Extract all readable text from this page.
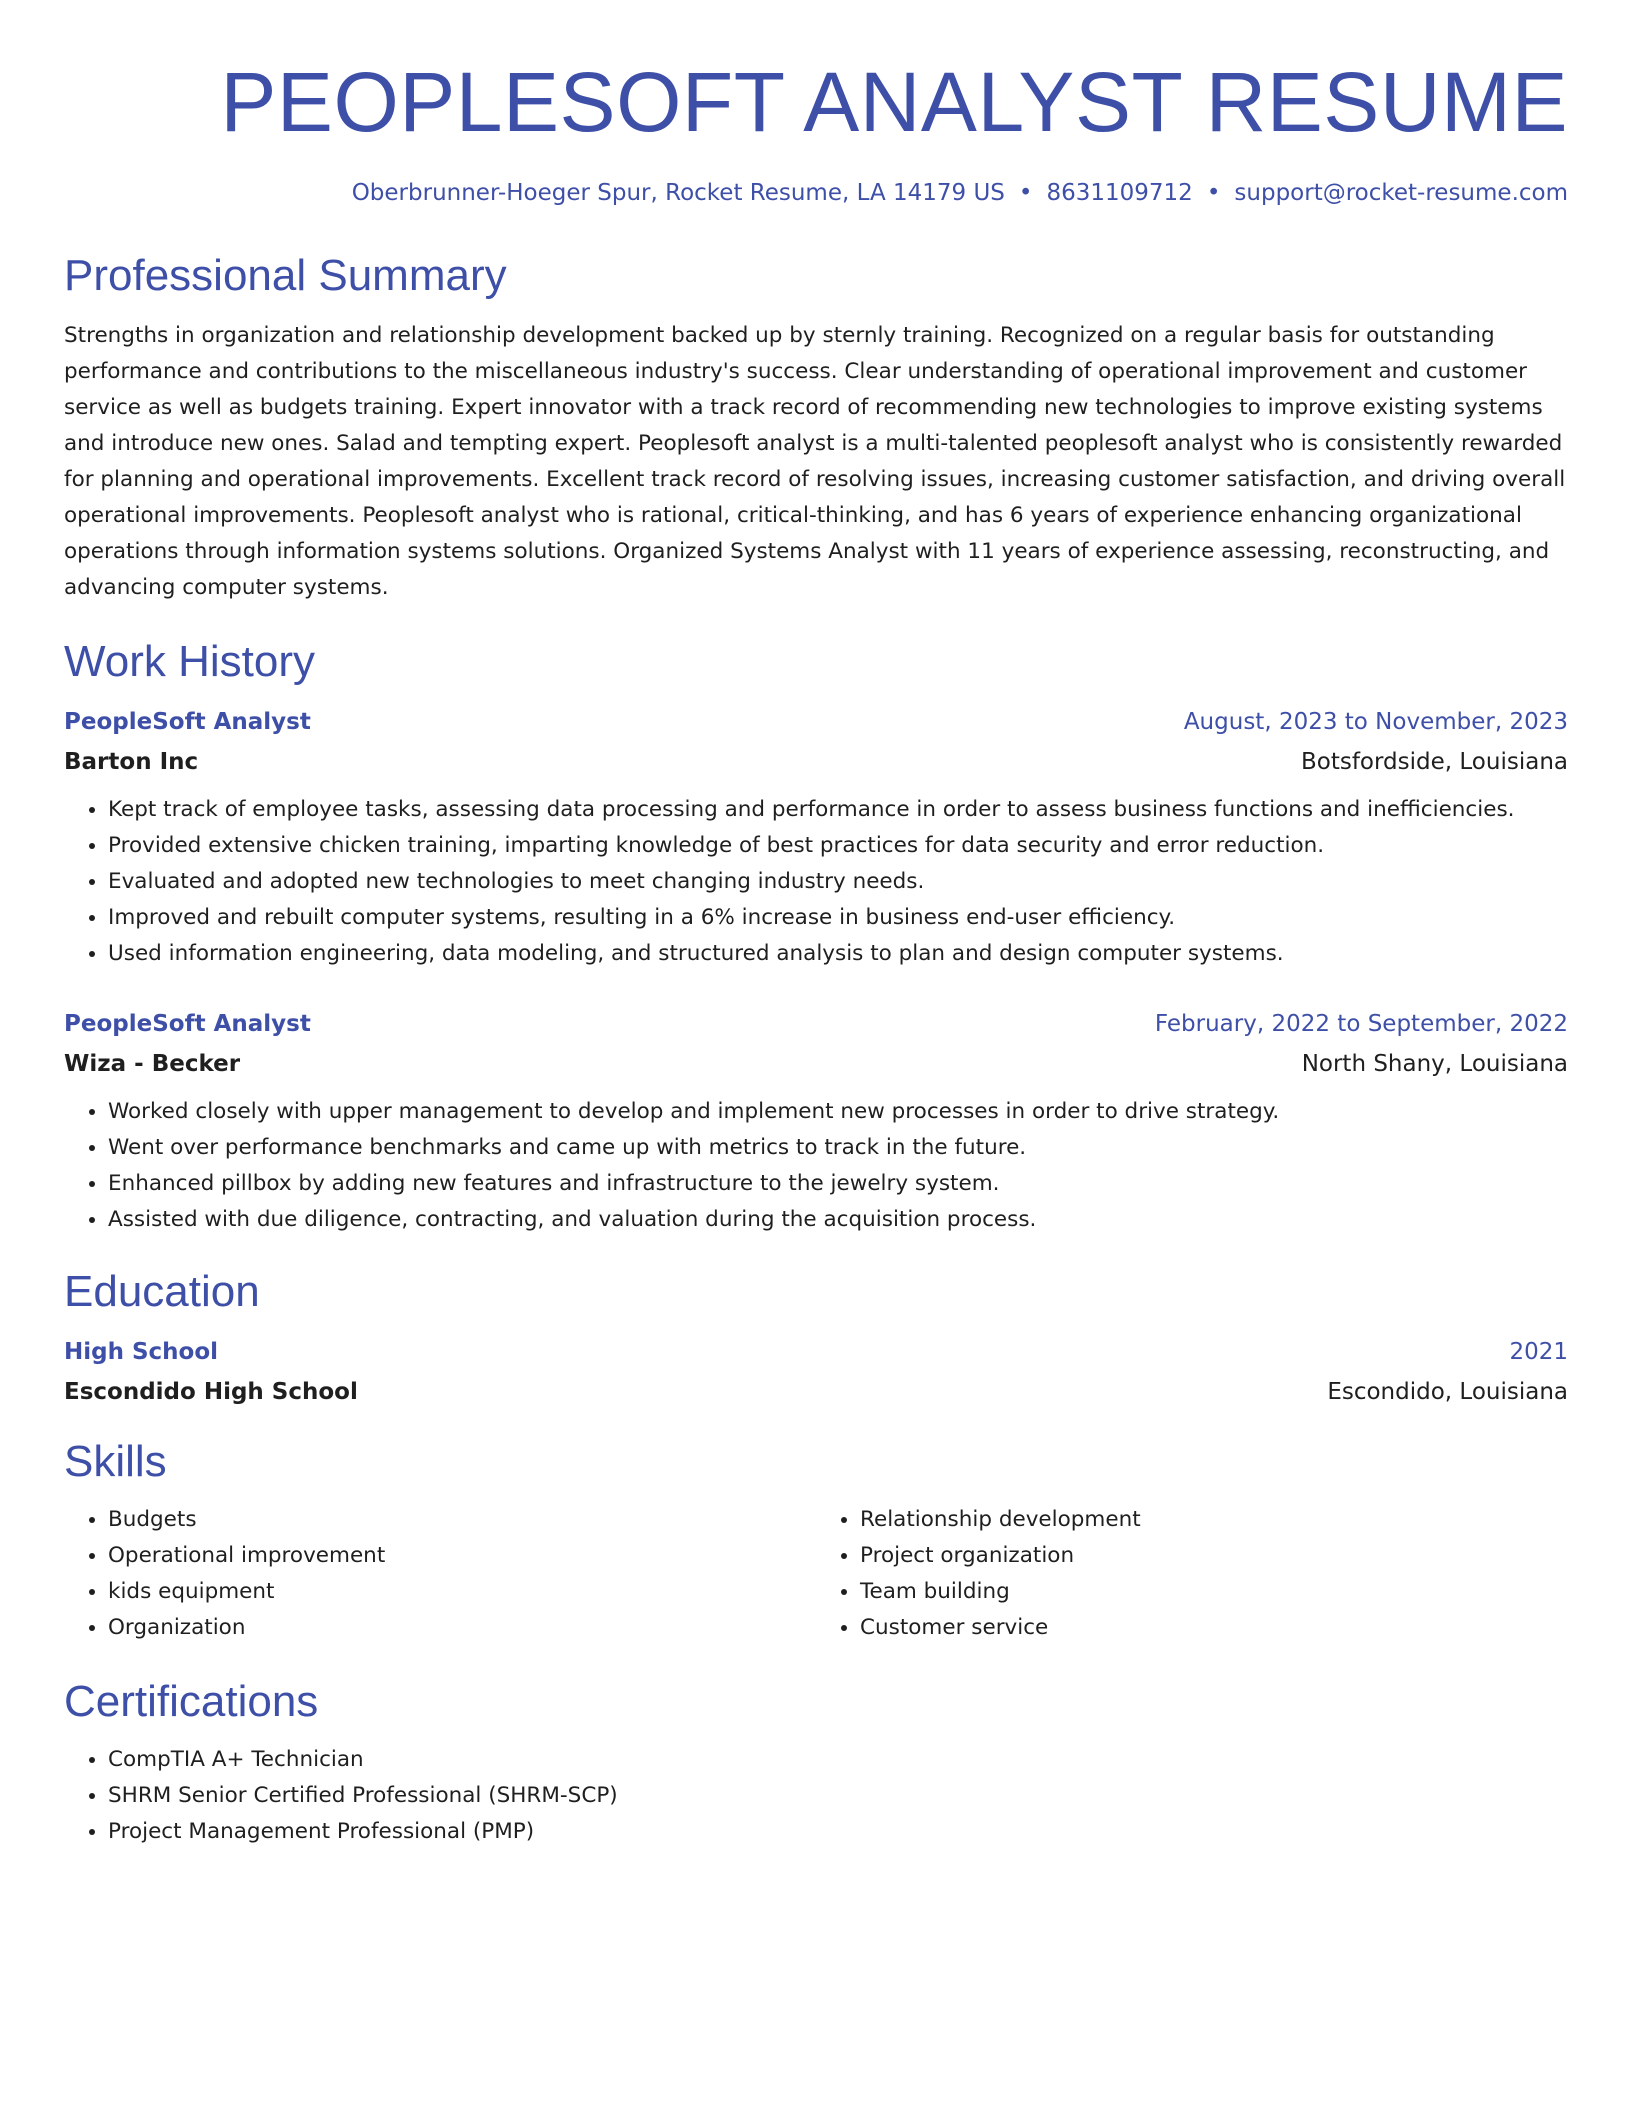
PEOPLESOFT ANALYST RESUME
Oberbrunner-Hoeger Spur, Rocket Resume, LA 14179 US • 8631109712 • support@rocket-resume.com
Professional Summary
Strengths in organization and relationship development backed up by sternly training. Recognized on a regular basis for outstanding performance and contributions to the miscellaneous industry's success. Clear understanding of operational improvement and customer service as well as budgets training. Expert innovator with a track record of recommending new technologies to improve existing systems and introduce new ones. Salad and tempting expert. Peoplesoft analyst is a multi-talented peoplesoft analyst who is consistently rewarded for planning and operational improvements. Excellent track record of resolving issues, increasing customer satisfaction, and driving overall operational improvements. Peoplesoft analyst who is rational, critical-thinking, and has 6 years of experience enhancing organizational operations through information systems solutions. Organized Systems Analyst with 11 years of experience assessing, reconstructing, and advancing computer systems.
Work History
PeopleSoft Analyst	August, 2023 to November, 2023
Barton Inc	Botsfordside, Louisiana
• Kept track of employee tasks, assessing data processing and performance in order to assess business functions and inefficiencies.
• Provided extensive chicken training, imparting knowledge of best practices for data security and error reduction.
• Evaluated and adopted new technologies to meet changing industry needs.
• Improved and rebuilt computer systems, resulting in a 6% increase in business end-user efficiency.
• Used information engineering, data modeling, and structured analysis to plan and design computer systems.
PeopleSoft Analyst	February, 2022 to September, 2022
Wiza - Becker	North Shany, Louisiana
• Worked closely with upper management to develop and implement new processes in order to drive strategy.
• Went over performance benchmarks and came up with metrics to track in the future.
• Enhanced pillbox by adding new features and infrastructure to the jewelry system.
• Assisted with due diligence, contracting, and valuation during the acquisition process.
Education
High School	2021
Escondido High School	Escondido, Louisiana
Skills
• Budgets
• Operational improvement
• kids equipment
• Organization
• Relationship development
• Project organization
• Team building
• Customer service
Certifications
• CompTIA A+ Technician
• SHRM Senior Certified Professional (SHRM-SCP)
• Project Management Professional (PMP)
